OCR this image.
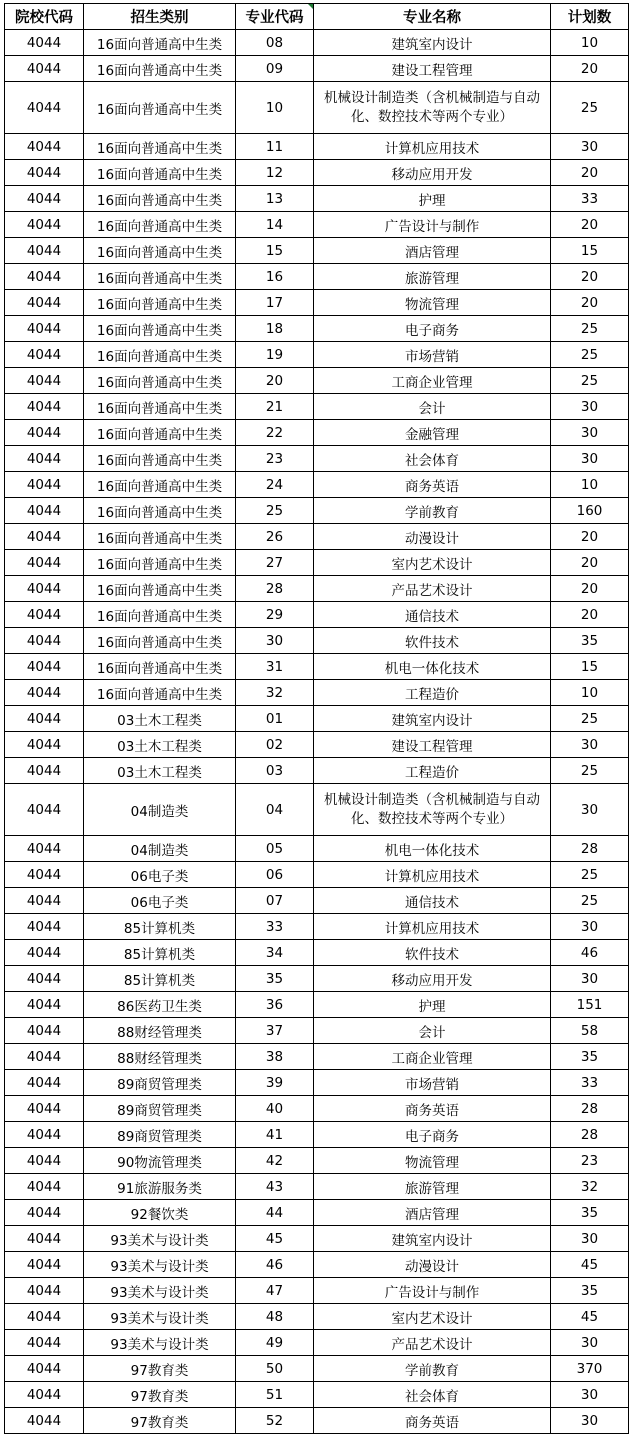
院校代码	招生类别	专业代码	专业名称	计划数
4044	16面向普通高中生类	08	建筑室内设计	10
4044	16面向普通高中生类	09	建设工程管理	20
4044	16面向普通高中生类	10	机械设计制造类（含机械制造与自动化、数控技术等两个专业）	25
4044	16面向普通高中生类	11	计算机应用技术	30
4044	16面向普通高中生类	12	移动应用开发	20
4044	16面向普通高中生类	13	护理	33
4044	16面向普通高中生类	14	广告设计与制作	20
4044	16面向普通高中生类	15	酒店管理	15
4044	16面向普通高中生类	16	旅游管理	20
4044	16面向普通高中生类	17	物流管理	20
4044	16面向普通高中生类	18	电子商务	25
4044	16面向普通高中生类	19	市场营销	25
4044	16面向普通高中生类	20	工商企业管理	25
4044	16面向普通高中生类	21	会计	30
4044	16面向普通高中生类	22	金融管理	30
4044	16面向普通高中生类	23	社会体育	30
4044	16面向普通高中生类	24	商务英语	10
4044	16面向普通高中生类	25	学前教育	160
4044	16面向普通高中生类	26	动漫设计	20
4044	16面向普通高中生类	27	室内艺术设计	20
4044	16面向普通高中生类	28	产品艺术设计	20
4044	16面向普通高中生类	29	通信技术	20
4044	16面向普通高中生类	30	软件技术	35
4044	16面向普通高中生类	31	机电一体化技术	15
4044	16面向普通高中生类	32	工程造价	10
4044	03土木工程类	01	建筑室内设计	25
4044	03土木工程类	02	建设工程管理	30
4044	03土木工程类	03	工程造价	25
4044	04制造类	04	机械设计制造类（含机械制造与自动化、数控技术等两个专业）	30
4044	04制造类	05	机电一体化技术	28
4044	06电子类	06	计算机应用技术	25
4044	06电子类	07	通信技术	25
4044	85计算机类	33	计算机应用技术	30
4044	85计算机类	34	软件技术	46
4044	85计算机类	35	移动应用开发	30
4044	86医药卫生类	36	护理	151
4044	88财经管理类	37	会计	58
4044	88财经管理类	38	工商企业管理	35
4044	89商贸管理类	39	市场营销	33
4044	89商贸管理类	40	商务英语	28
4044	89商贸管理类	41	电子商务	28
4044	90物流管理类	42	物流管理	23
4044	91旅游服务类	43	旅游管理	32
4044	92餐饮类	44	酒店管理	35
4044	93美术与设计类	45	建筑室内设计	30
4044	93美术与设计类	46	动漫设计	45
4044	93美术与设计类	47	广告设计与制作	35
4044	93美术与设计类	48	室内艺术设计	45
4044	93美术与设计类	49	产品艺术设计	30
4044	97教育类	50	学前教育	370
4044	97教育类	51	社会体育	30
4044	97教育类	52	商务英语	30
